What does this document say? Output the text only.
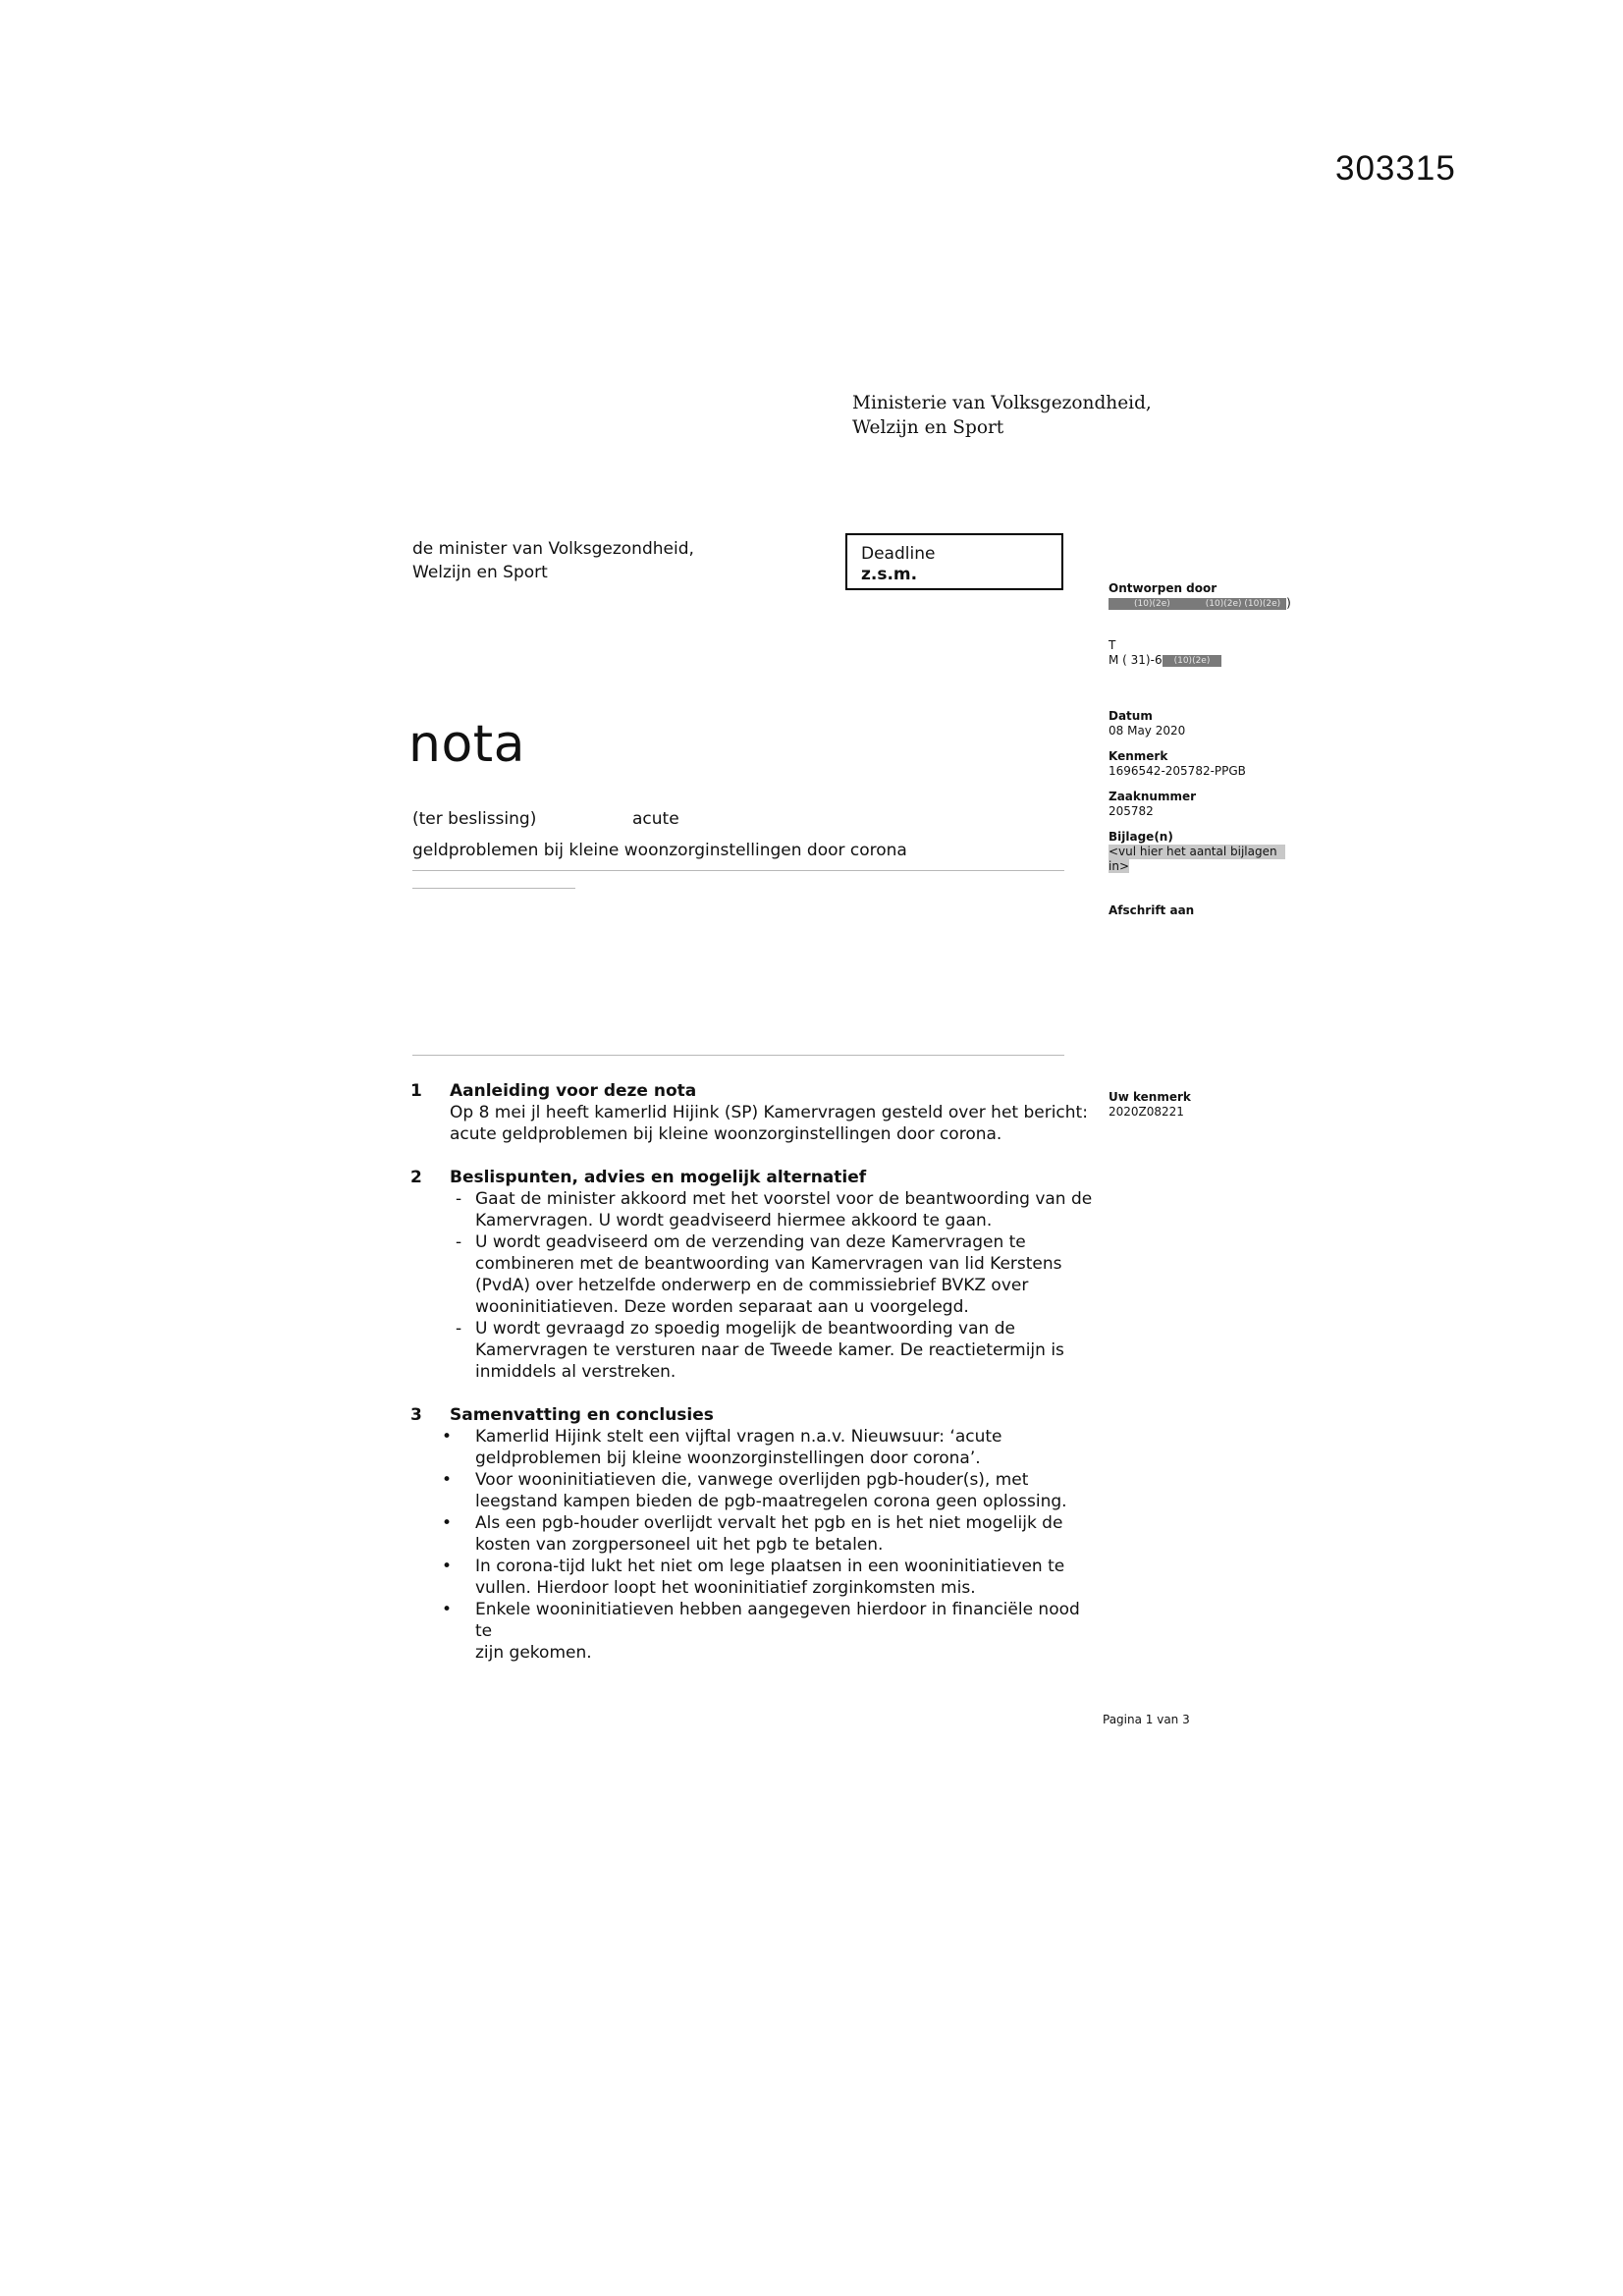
303315
Ministerie van Volksgezondheid,
Welzijn en Sport
de minister van Volksgezondheid,
Welzijn en Sport
Deadline
z.s.m.
nota
(ter beslissing)	acute
geldproblemen bij kleine woonzorginstellingen door corona
Ontworpen door
(10)(2e)	(10)(2e) (10)(2e) )
T
M ( 31)-6 (10)(2e)
Datum
08 May 2020
Kenmerk
1696542-205782-PPGB
Zaaknummer
205782
Bijlage(n)
<vul hier het aantal bijlagen
in>
Afschrift aan
Uw kenmerk
2020Z08221
1 Aanleiding voor deze nota
Op 8 mei jl heeft kamerlid Hijink (SP) Kamervragen gesteld over het bericht:
acute geldproblemen bij kleine woonzorginstellingen door corona.
2 Beslispunten, advies en mogelijk alternatief
- Gaat de minister akkoord met het voorstel voor de beantwoording van de
Kamervragen. U wordt geadviseerd hiermee akkoord te gaan.
- U wordt geadviseerd om de verzending van deze Kamervragen te
combineren met de beantwoording van Kamervragen van lid Kerstens
(PvdA) over hetzelfde onderwerp en de commissiebrief BVKZ over
wooninitiatieven. Deze worden separaat aan u voorgelegd.
- U wordt gevraagd zo spoedig mogelijk de beantwoording van de
Kamervragen te versturen naar de Tweede kamer. De reactietermijn is
inmiddels al verstreken.
3 Samenvatting en conclusies
• Kamerlid Hijink stelt een vijftal vragen n.a.v. Nieuwsuur: ‘acute
geldproblemen bij kleine woonzorginstellingen door corona’.
• Voor wooninitiatieven die, vanwege overlijden pgb-houder(s), met
leegstand kampen bieden de pgb-maatregelen corona geen oplossing.
• Als een pgb-houder overlijdt vervalt het pgb en is het niet mogelijk de
kosten van zorgpersoneel uit het pgb te betalen.
• In corona-tijd lukt het niet om lege plaatsen in een wooninitiatieven te
vullen. Hierdoor loopt het wooninitiatief zorginkomsten mis.
• Enkele wooninitiatieven hebben aangegeven hierdoor in financiële nood te
zijn gekomen.
Pagina 1 van 3
